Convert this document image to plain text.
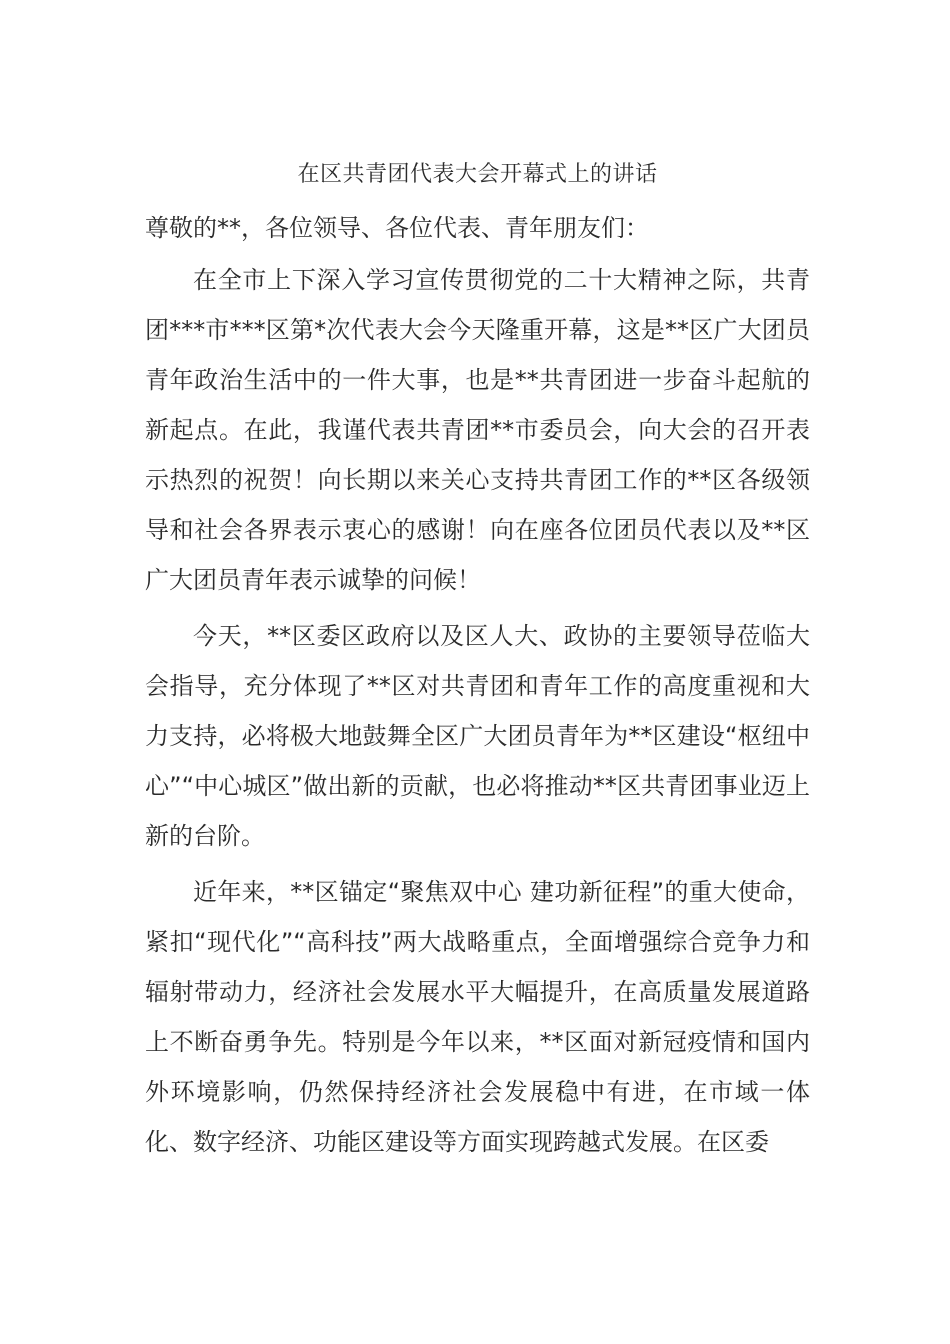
在区共青团代表大会开幕式上的讲话

尊敬的**，各位领导、各位代表、青年朋友们：

在全市上下深入学习宣传贯彻党的二十大精神之际，共青团***市***区第*次代表大会今天隆重开幕，这是**区广大团员青年政治生活中的一件大事，也是**共青团进一步奋斗起航的新起点。在此，我谨代表共青团**市委员会，向大会的召开表示热烈的祝贺！向长期以来关心支持共青团工作的**区各级领导和社会各界表示衷心的感谢！向在座各位团员代表以及**区广大团员青年表示诚挚的问候！

今天，**区委区政府以及区人大、政协的主要领导莅临大会指导，充分体现了**区对共青团和青年工作的高度重视和大力支持，必将极大地鼓舞全区广大团员青年为**区建设“枢纽中心”“中心城区”做出新的贡献，也必将推动**区共青团事业迈上新的台阶。

近年来，**区锚定“聚焦双中心 建功新征程”的重大使命，紧扣“现代化”“高科技”两大战略重点，全面增强综合竞争力和辐射带动力，经济社会发展水平大幅提升，在高质量发展道路上不断奋勇争先。特别是今年以来，**区面对新冠疫情和国内外环境影响，仍然保持经济社会发展稳中有进，在市域一体化、数字经济、功能区建设等方面实现跨越式发展。在区委
